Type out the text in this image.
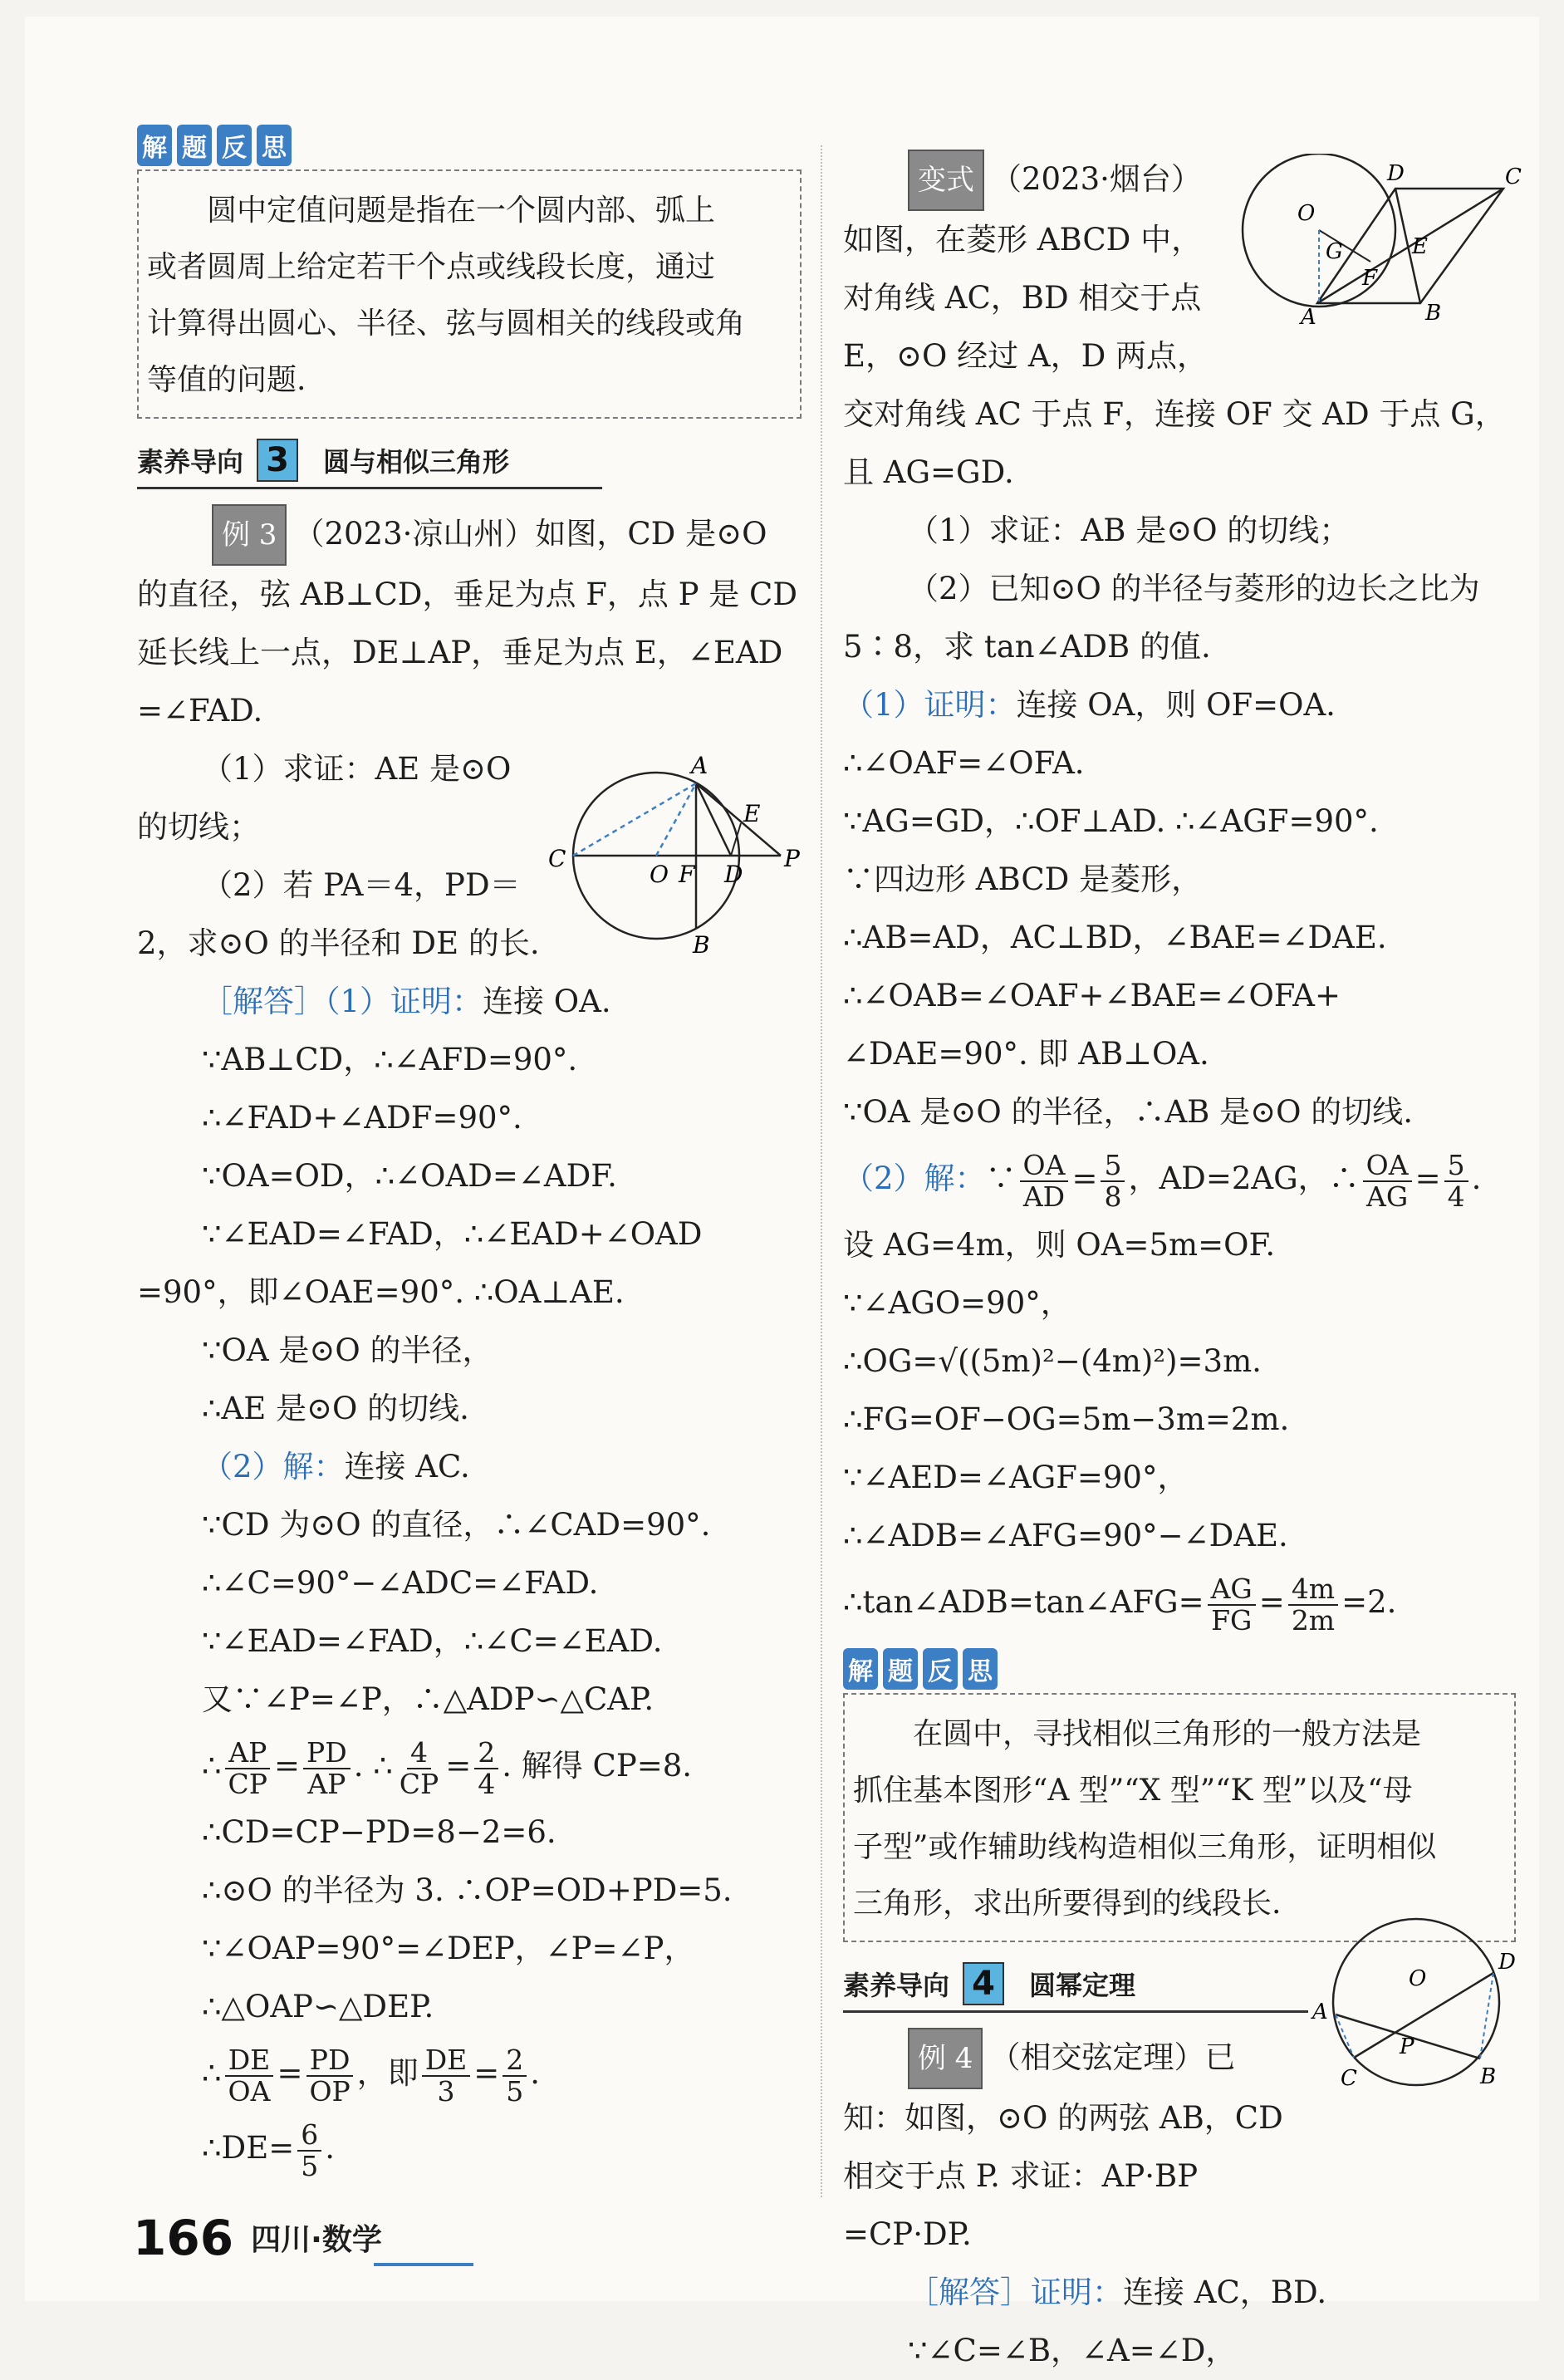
解 题 反 思
　　圆中定值问题是指在一个圆内部、弧上
或者圆周上给定若干个点或线段长度，通过
计算得出圆心、半径、弦与圆相关的线段或角
等值的问题.
素养导向 3	圆与相似三角形
例 3 （2023·凉山州）如图，CD 是⊙O
的直径，弦 AB⊥CD，垂足为点 F，点 P 是 CD
延长线上一点，DE⊥AP，垂足为点 E，∠EAD
=∠FAD.
（1）求证：AE 是⊙O
的切线；
（2）若 PA＝4，PD＝
2，求⊙O 的半径和 DE 的长.
［解答］（1）证明：连接 OA.
∵AB⊥CD，∴∠AFD=90°.
∴∠FAD+∠ADF=90°.
∵OA=OD，∴∠OAD=∠ADF.
∵∠EAD=∠FAD，∴∠EAD+∠OAD
=90°，即∠OAE=90°. ∴OA⊥AE.
∵OA 是⊙O 的半径，
∴AE 是⊙O 的切线.
（2）解：连接 AC.
∵CD 为⊙O 的直径，∴∠CAD=90°.
∴∠C=90°−∠ADC=∠FAD.
∵∠EAD=∠FAD，∴∠C=∠EAD.
又∵∠P=∠P，∴△ADP∽△CAP.
∴ $\frac{AP}{CP} = \frac{PD}{AP}$ . ∴ $\frac{4}{CP} = \frac{2}{4}$ . 解得 CP=8.
∴CD=CP−PD=8−2=6.
∴⊙O 的半径为 3. ∴OP=OD+PD=5.
∵∠OAP=90°=∠DEP，∠P=∠P，
∴△OAP∽△DEP.
∴ $\frac{DE}{OA} = \frac{PD}{OP}$ ，即 $\frac{DE}{3} = \frac{2}{5}$ .
∴DE= $\frac{6}{5}$ .
A
E
C
O F D
P
B
变式 （2023·烟台）
如图，在菱形 ABCD 中，
对角线 AC，BD 相交于点
E，⊙O 经过 A，D 两点，
交对角线 AC 于点 F，连接 OF 交 AD 于点 G，
且 AG=GD.
（1）求证：AB 是⊙O 的切线；
（2）已知⊙O 的半径与菱形的边长之比为
5∶8，求 tan∠ADB 的值.
（1）证明：连接 OA，则 OF=OA.
∴∠OAF=∠OFA.
∵AG=GD，∴OF⊥AD. ∴∠AGF=90°.
∵四边形 ABCD 是菱形，
∴AB=AD，AC⊥BD，∠BAE=∠DAE.
∴∠OAB=∠OAF+∠BAE=∠OFA+
∠DAE=90°. 即 AB⊥OA.
∵OA 是⊙O 的半径，∴AB 是⊙O 的切线.
（2）解：∵ $\frac{OA}{AD} = \frac{5}{8}$ ，AD=2AG，∴ $\frac{OA}{AG} = \frac{5}{4}$ .
设 AG=4m，则 OA=5m=OF.
∵∠AGO=90°，
∴OG=√((5m)²−(4m)²)=3m.
∴FG=OF−OG=5m−3m=2m.
∵∠AED=∠AGF=90°，
∴∠ADB=∠AFG=90°−∠DAE.
∴tan∠ADB=tan∠AFG= $\frac{AG}{FG} = \frac{4m}{2m} =2$.
解 题 反 思
　　在圆中，寻找相似三角形的一般方法是
抓住基本图形“A 型”“X 型”“K 型”以及“母
子型”或作辅助线构造相似三角形，证明相似
三角形，求出所要得到的线段长.
素养导向 4	圆幂定理
例 4 （相交弦定理）已
知：如图，⊙O 的两弦 AB，CD
相交于点 P. 求证：AP·BP
=CP·DP.
［解答］证明：连接 AC，BD.
∵∠C=∠B，∠A=∠D，
O
D	C
G
F
E
A	B
O
D
A
P
C	B
166 四川·数学
